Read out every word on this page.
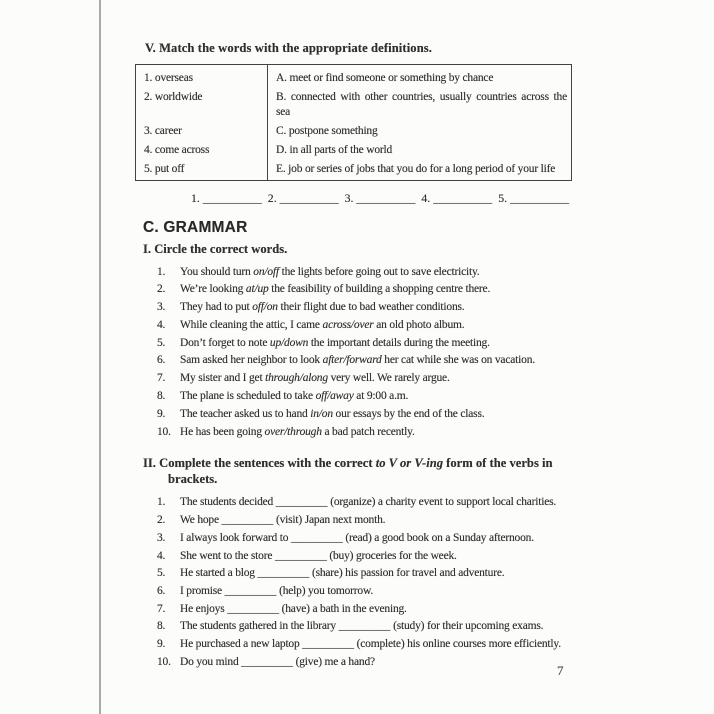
V. Match the words with the appropriate definitions.
1. overseas	A. meet or find someone or something by chance
2. worldwide	B. connected with other countries, usually countries across the sea
3. career	C. postpone something
4. come across	D. in all parts of the world
5. put off	E. job or series of jobs that you do for a long period of your life
1. __________ 2. __________ 3. __________ 4. __________ 5. __________
C. GRAMMAR
I. Circle the correct words.
1.	You should turn on/off the lights before going out to save electricity.
2.	We’re looking at/up the feasibility of building a shopping centre there.
3.	They had to put off/on their flight due to bad weather conditions.
4.	While cleaning the attic, I came across/over an old photo album.
5.	Don’t forget to note up/down the important details during the meeting.
6.	Sam asked her neighbor to look after/forward her cat while she was on vacation.
7.	My sister and I get through/along very well. We rarely argue.
8.	The plane is scheduled to take off/away at 9:00 a.m.
9.	The teacher asked us to hand in/on our essays by the end of the class.
10. He has been going over/through a bad patch recently.
II. Complete the sentences with the correct to V or V-ing form of the verbs in brackets.
1.	The students decided _________ (organize) a charity event to support local charities.
2.	We hope _________ (visit) Japan next month.
3.	I always look forward to _________ (read) a good book on a Sunday afternoon.
4.	She went to the store _________ (buy) groceries for the week.
5.	He started a blog _________ (share) his passion for travel and adventure.
6.	I promise _________ (help) you tomorrow.
7.	He enjoys _________ (have) a bath in the evening.
8.	The students gathered in the library _________ (study) for their upcoming exams.
9.	He purchased a new laptop _________ (complete) his online courses more efficiently.
10. Do you mind _________ (give) me a hand?
7
